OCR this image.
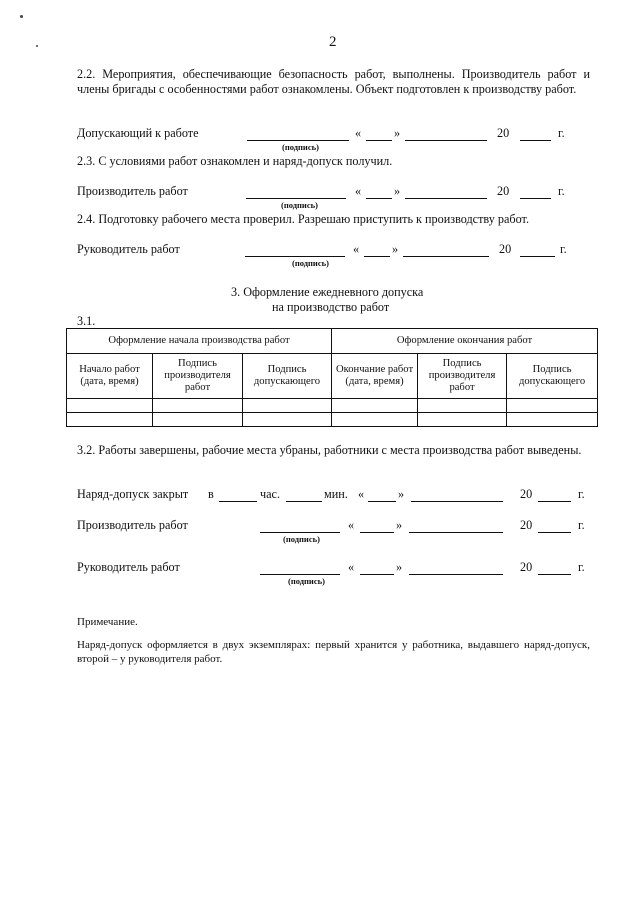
2
2.2. Мероприятия, обеспечивающие безопасность работ, выполнены. Производитель работ и члены бригады с особенностями работ ознакомлены. Объект подготовлен к производству работ.
Допускающий к работе
(подпись)
«	»	20	г.
2.3. С условиями работ ознакомлен и наряд-допуск получил.
Производитель работ
(подпись)
«	»	20	г.
2.4. Подготовку рабочего места проверил. Разрешаю приступить к производству работ.
Руководитель работ
(подпись)
«	»	20	г.
3. Оформление ежедневного допуска
на производство работ
3.1.
Оформление начала производства работ			Оформление окончания работ		
Начало работ (дата, время)	Подпись производителя работ	Подпись допускающего	Окончание работ (дата, время)	Подпись производителя работ	Подпись допускающего

3.2. Работы завершены, рабочие места убраны, работники с места производства работ выведены.
Наряд-допуск закрыт в	час.	мин. «	»	20	г.
Производитель работ
(подпись)
«	»	20	г.
Руководитель работ
(подпись)
«	»	20	г.
Примечание.
Наряд-допуск оформляется в двух экземплярах: первый хранится у работника, выдавшего наряд-допуск, второй – у руководителя работ.
